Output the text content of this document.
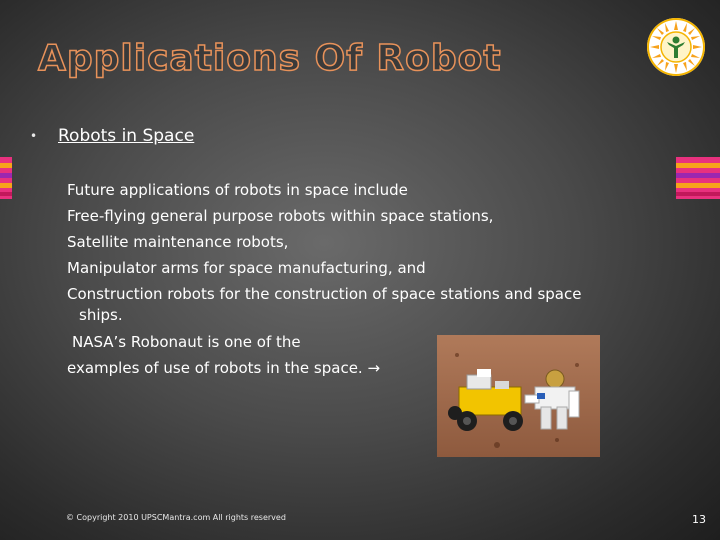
Applications Of Robot
•	Robots in Space
Future applications of robots in space include
Free-flying general purpose robots within space stations,
Satellite maintenance robots,
Manipulator arms for space manufacturing, and
Construction robots for the construction of space stations and space
ships.
NASA’s Robonaut is one of the
examples of use of robots in the space. →
© Copyright 2010 UPSCMantra.com All rights reserved	13
